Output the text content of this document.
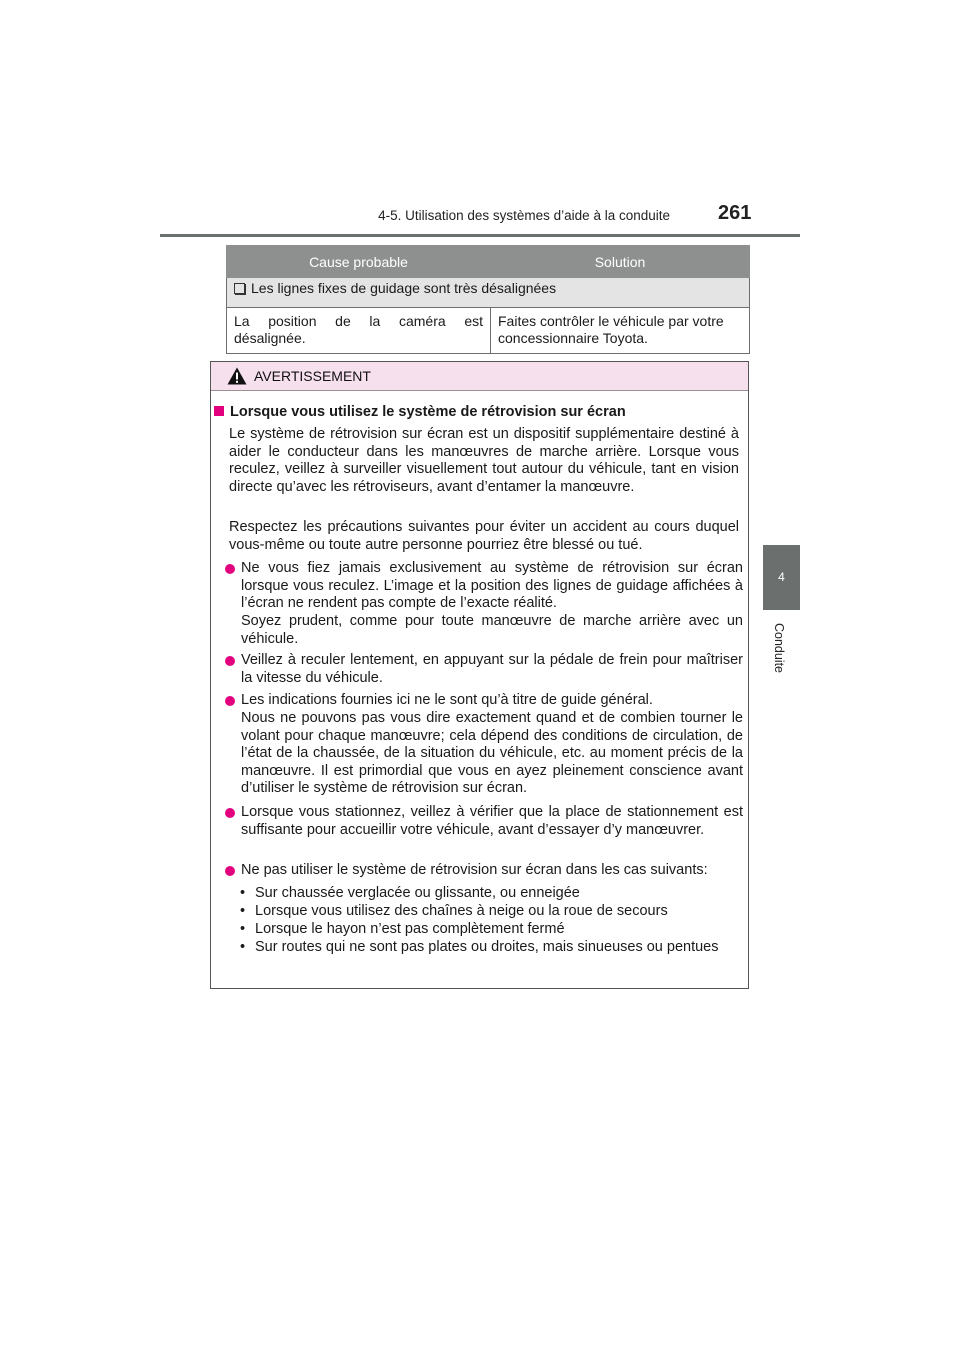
4-5. Utilisation des systèmes d’aide à la conduite 261
4
Conduite
Cause probable	Solution
Les lignes fixes de guidage sont très désalignées	
La position de la caméra est désalignée.	Faites contrôler le véhicule par votre concessionnaire Toyota.
AVERTISSEMENT
Lorsque vous utilisez le système de rétrovision sur écran
Le système de rétrovision sur écran est un dispositif supplémentaire destiné à aider le conducteur dans les manœuvres de marche arrière. Lorsque vous reculez, veillez à surveiller visuellement tout autour du véhicule, tant en vision directe qu’avec les rétroviseurs, avant d’entamer la manœuvre.
Respectez les précautions suivantes pour éviter un accident au cours duquel vous-même ou toute autre personne pourriez être blessé ou tué.
Ne vous fiez jamais exclusivement au système de rétrovision sur écran lorsque vous reculez. L’image et la position des lignes de guidage affichées à l’écran ne rendent pas compte de l’exacte réalité.
Soyez prudent, comme pour toute manœuvre de marche arrière avec un véhicule.
Veillez à reculer lentement, en appuyant sur la pédale de frein pour maîtriser la vitesse du véhicule.
Les indications fournies ici ne le sont qu’à titre de guide général.
Nous ne pouvons pas vous dire exactement quand et de combien tourner le volant pour chaque manœuvre; cela dépend des conditions de circulation, de l’état de la chaussée, de la situation du véhicule, etc. au moment précis de la manœuvre. Il est primordial que vous en ayez pleinement conscience avant d’utiliser le système de rétrovision sur écran.
Lorsque vous stationnez, veillez à vérifier que la place de stationnement est suffisante pour accueillir votre véhicule, avant d’essayer d’y manœuvrer.
Ne pas utiliser le système de rétrovision sur écran dans les cas suivants:
• Sur chaussée verglacée ou glissante, ou enneigée
• Lorsque vous utilisez des chaînes à neige ou la roue de secours
• Lorsque le hayon n’est pas complètement fermé
• Sur routes qui ne sont pas plates ou droites, mais sinueuses ou pentues
